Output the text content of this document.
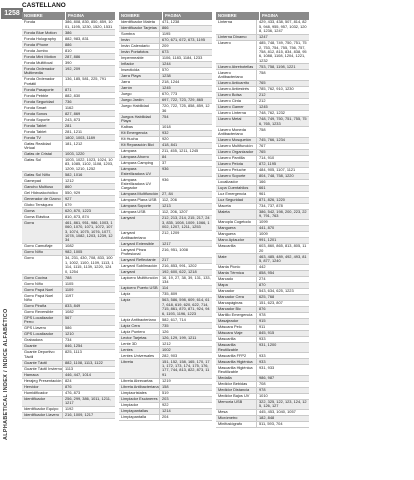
1258
ALPHABETICAL INDEX / INDICE ALFABÉTICO
CASTELLANO
NOMBRE	PAGINA
Fonda	386, 808, 830, 850, 859, 1001, 1195, 1230, 1520, 1531
Fonda Blue Motion	386
Fonda Holography	882, 983, 831
Fonda iPhone	886
Fonda Jumbo	810
Fonda Mini Motion	287, 886
Fonda Multifocal	390
Fonda Ordenador Multimedia
192, 209
Fonda Ordenador Portátil
136, 185, 581, 225, 791
Fonda Pasaporte	871
Fonda Pebble	882, 830
Fonda Seguridad	736
Fonda Smart	1162
Fonda Sonos	827, 869
Fonda Soporte	243, 873
Fonda Tablet	281
Fonda Tablet	281, 1211
Fonda TV	1802, 1003, 1189
Gafas Realidad Virtual
181, 1212
Gafas de Cristal	1003, 1220
Gafas Sol	1003, 1022, 1023, 1024, 1083, 1085, 1102, 1108, 1203, 1209, 1210, 1252
Gafas Sol Niño	582, 1016
Gamepad	1212
Gancho Multiuso	860
Gel Hidroalcohólico	550, 929
Generador de Ozono	927
Globo Terráqueo	679
Goma	620, 870, 1223
Goma Elástica	810, 873, 874
Gorra	461, 861, 951, 986, 1003, 1060, 1070, 1071, 1072, 1073, 1074, 1075, 1076, 1077, 1078, 1082, 1203, 1239, 1234
Gorro Camuflaje	1082
Gorro Niño	982, 1005
Gorro	34, 231, 430, 708, 833, 1001, 1002, 1100, 1109, 1113, 1114, 1115, 1139, 1220, 1240, 1254
Gorro Cocina	788
Gorro Niño	1105
Gorro Papá Noel	1109
Gorro Papá Noel Niño
1197
Gorro Piraña	833, 849
Gorro Reversible	1082
GPS Localizador Perro
567
GPS Llavero	586
GPS Localizador	1210
Grabadora	734
Guante	846, 1254
Guante Deportivo Táctil
825, 1113
Guante Táctil	882, 1108, 1113, 1122
Guante Táctil Invierno 1113
Hamaca	446, 447, 1014
Herajeg Presentación 824
Hervidor	876
Humidificador	476, 873
Identificador	256, 299, 386, 1011, 1211, 1217
Identificador Equipo	1192
Identificador Llavero	216, 1009, 1217
NOMBRE	PAGINA
Identificador Maleta	471, 1238
Identificador Tarjetas	866
Sombra	1195
Imán	670, 671, 672, 673, 1195
Imán Calendario	209
Imán Portafotos	673
Impermeable	1106, 1183, 1184, 1233
Inflador	1244
Insecticida	570
Jarra Playa	1238
Jarra	218, 1244
Jarrón	1245
Juego	670, 773
Juego Jardín	697, 722, 723, 729, 865
Juego Habilidad	720, 722, 725, 858, 859, 1236
Juegos Habilidad Playa
754
Kalbas	1018
Kit Emergencia	932
Kit Hucha	920
Kit Reparación Bici	418, 841
Lámpara	211, 455, 1211, 1245
Lámpara Ahorro	84
Lámpara Camping	37
Lámpara Esterilizadora UV
936
Lámpara Esterilizadora UV Cargador
936
Lámpara Multifunción 27, 84
Lámpara Plana USB	112, 206
Lámpara Soporte	1213
Lámpara USB	112, 206, 1207
Lanyard	212, 213, 214, 215, 217, 243, 835, 1008, 1009, 1066, 1002, 1207, 1211, 1253
Lanyard Antibacteriano
212, 1209
Lanyard Extensible	1217
Lanyard Pinza Profesional
216, 951, 1008
Lanyard Reflectante	217
Lanyard Sublimación	216, 853, 991, 1202
Lanyard	192, 600, 622, 1218
Lapicero Multifunción	16, 19, 27, 38, 39, 131, 133, 134
Lapicero Puerto USB	114
Lápiz	735, 809
Lápiz	563, 586, 598, 609, 614, 617, 618, 619, 620, 622, 714, 715, 861, 870, 871, 924, 946, 1193, 1196, 1223
Lápiz Antibacteriano	582, 617, 714
Lápiz Cera	735
Lápiz Puntero	126
Lector Tarjetas	126, 129, 199, 1211
Lente 3D	1212
Lentes	1002
Lentes Universales	282, 903
Libreta	151, 152, 158, 165, 170, 171, 172, 173, 174, 175, 176, 177, 744, 813, 822, 873, 1191
Libreta Abrecartas	1219
Libreta Antibacteriana 158
Limpiacristales	519
Limpiador Escáneres	203
Limpiador	922
Limpiapantallas	1214
Limpiapantalla	204
NOMBRE	PAGINA
Linterna	429, 433, 438, 507, 814, 825, 948, 955, 957, 1032, 1208, 1236, 1247
Linterna Dinamo	1247
Llavero	485, 748, 749, 750, 751, 752, 753, 754, 755, 756, 757, 758, 812, 815, 834, 838, 956, 1088, 1108, 1204, 1221, 1232
Llavero Abrebotellas	753, 758, 1198, 1221
Llavero Antibacteriano
758
Llavero Anticarrito	765
Llavero Antiestrés	785, 762, 910, 1230
Llavero Bolsa	212
Llavero Cinta	212
Llavero Gamer	1245
Llavero Linterna	748, 762, 1232
Llavero Metal	748, 749, 750, 751, 755, 756, 765, 1233
Llavero Moneda Antibacteriano
758
Llavero Mosquetón	745, 766, 1234
Llavero Multifunción	767
Llavero Organizador	765
Llavero Pantilla	714, 910
Llavero Pelota	872, 1195
Llavero Peluche	484, 905, 1107, 1121
Llavero Soporte	804, 748, 758, 1220
Localizador	166
Lupa Cuentahilos	661
Luz Emergencia	961
Luz Seguridad	871, 826, 1220
Maceta	734, 737, 878
Maleta	386, 542, 198, 200, 223, 229, 791, 763
Manopla Cogetodo	1099
Manguera	441, 870
Manguera	1009
Mano Aplaudor	991, 1201
Mascarilla	603, 860, 865, 813, 805, 1120
Mate	463, 485, 489, 492, 493, 815, 877, 1240
Manta Picnic	442
Manta Térmica	858, 954
Marcado	274
Mapa	870
Marcador	543, 634, 625, 1223
Marcador Cera	625, 768
Marcapáginas	151, 623, 807
Marcador Bic	876
Martillo Emergencia	978
Masajeador	915
Máscara Pelo	911
Máscara Viaje	845, 915
Mascarilla	933
Mascarilla Reutilizable
931, 1200
Mascarilla FFP2	933
Mascarilla Higiénica	933
Mascarilla Higiénica Reutilizable
931, 933
Medalla	986, 987
Medidor Bebidas	708
Medidor Distancia	978
Medidor Bajos UV	1010
Memoria USB	322, 325, 122, 123, 124, 125, 126, 127
Mesa	445, 453, 1040, 1057
Micrómetro	182, 848
Minifusiógrafo	511, 593, 704
